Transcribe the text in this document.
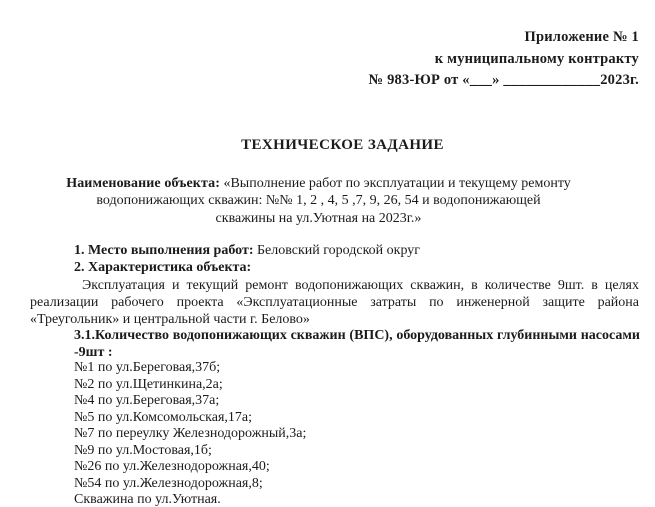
Приложение № 1
к муниципальному контракту
№ 983-ЮР от «___» _____________2023г.
ТЕХНИЧЕСКОЕ ЗАДАНИЕ
Наименование объекта: «Выполнение работ по эксплуатации и текущему ремонту водопонижающих скважин: №№ 1, 2 , 4, 5 ,7, 9, 26, 54 и водопонижающей скважины на ул.Уютная на 2023г.»
1. Место выполнения работ: Беловский городской округ
2. Характеристика объекта:
Эксплуатация и текущий ремонт водопонижающих скважин, в количестве 9шт. в целях реализации рабочего проекта «Эксплуатационные затраты по инженерной защите района «Треугольник» и центральной части г. Белово»
3.1.Количество водопонижающих скважин (ВПС), оборудованных глубинными насосами -9шт :
№1 по ул.Береговая,37б;
№2 по ул.Щетинкина,2а;
№4 по ул.Береговая,37а;
№5 по ул.Комсомольская,17а;
№7 по переулку Железнодорожный,3а;
№9 по ул.Мостовая,1б;
№26 по ул.Железнодорожная,40;
№54 по ул.Железнодорожная,8;
Скважина по ул.Уютная.
